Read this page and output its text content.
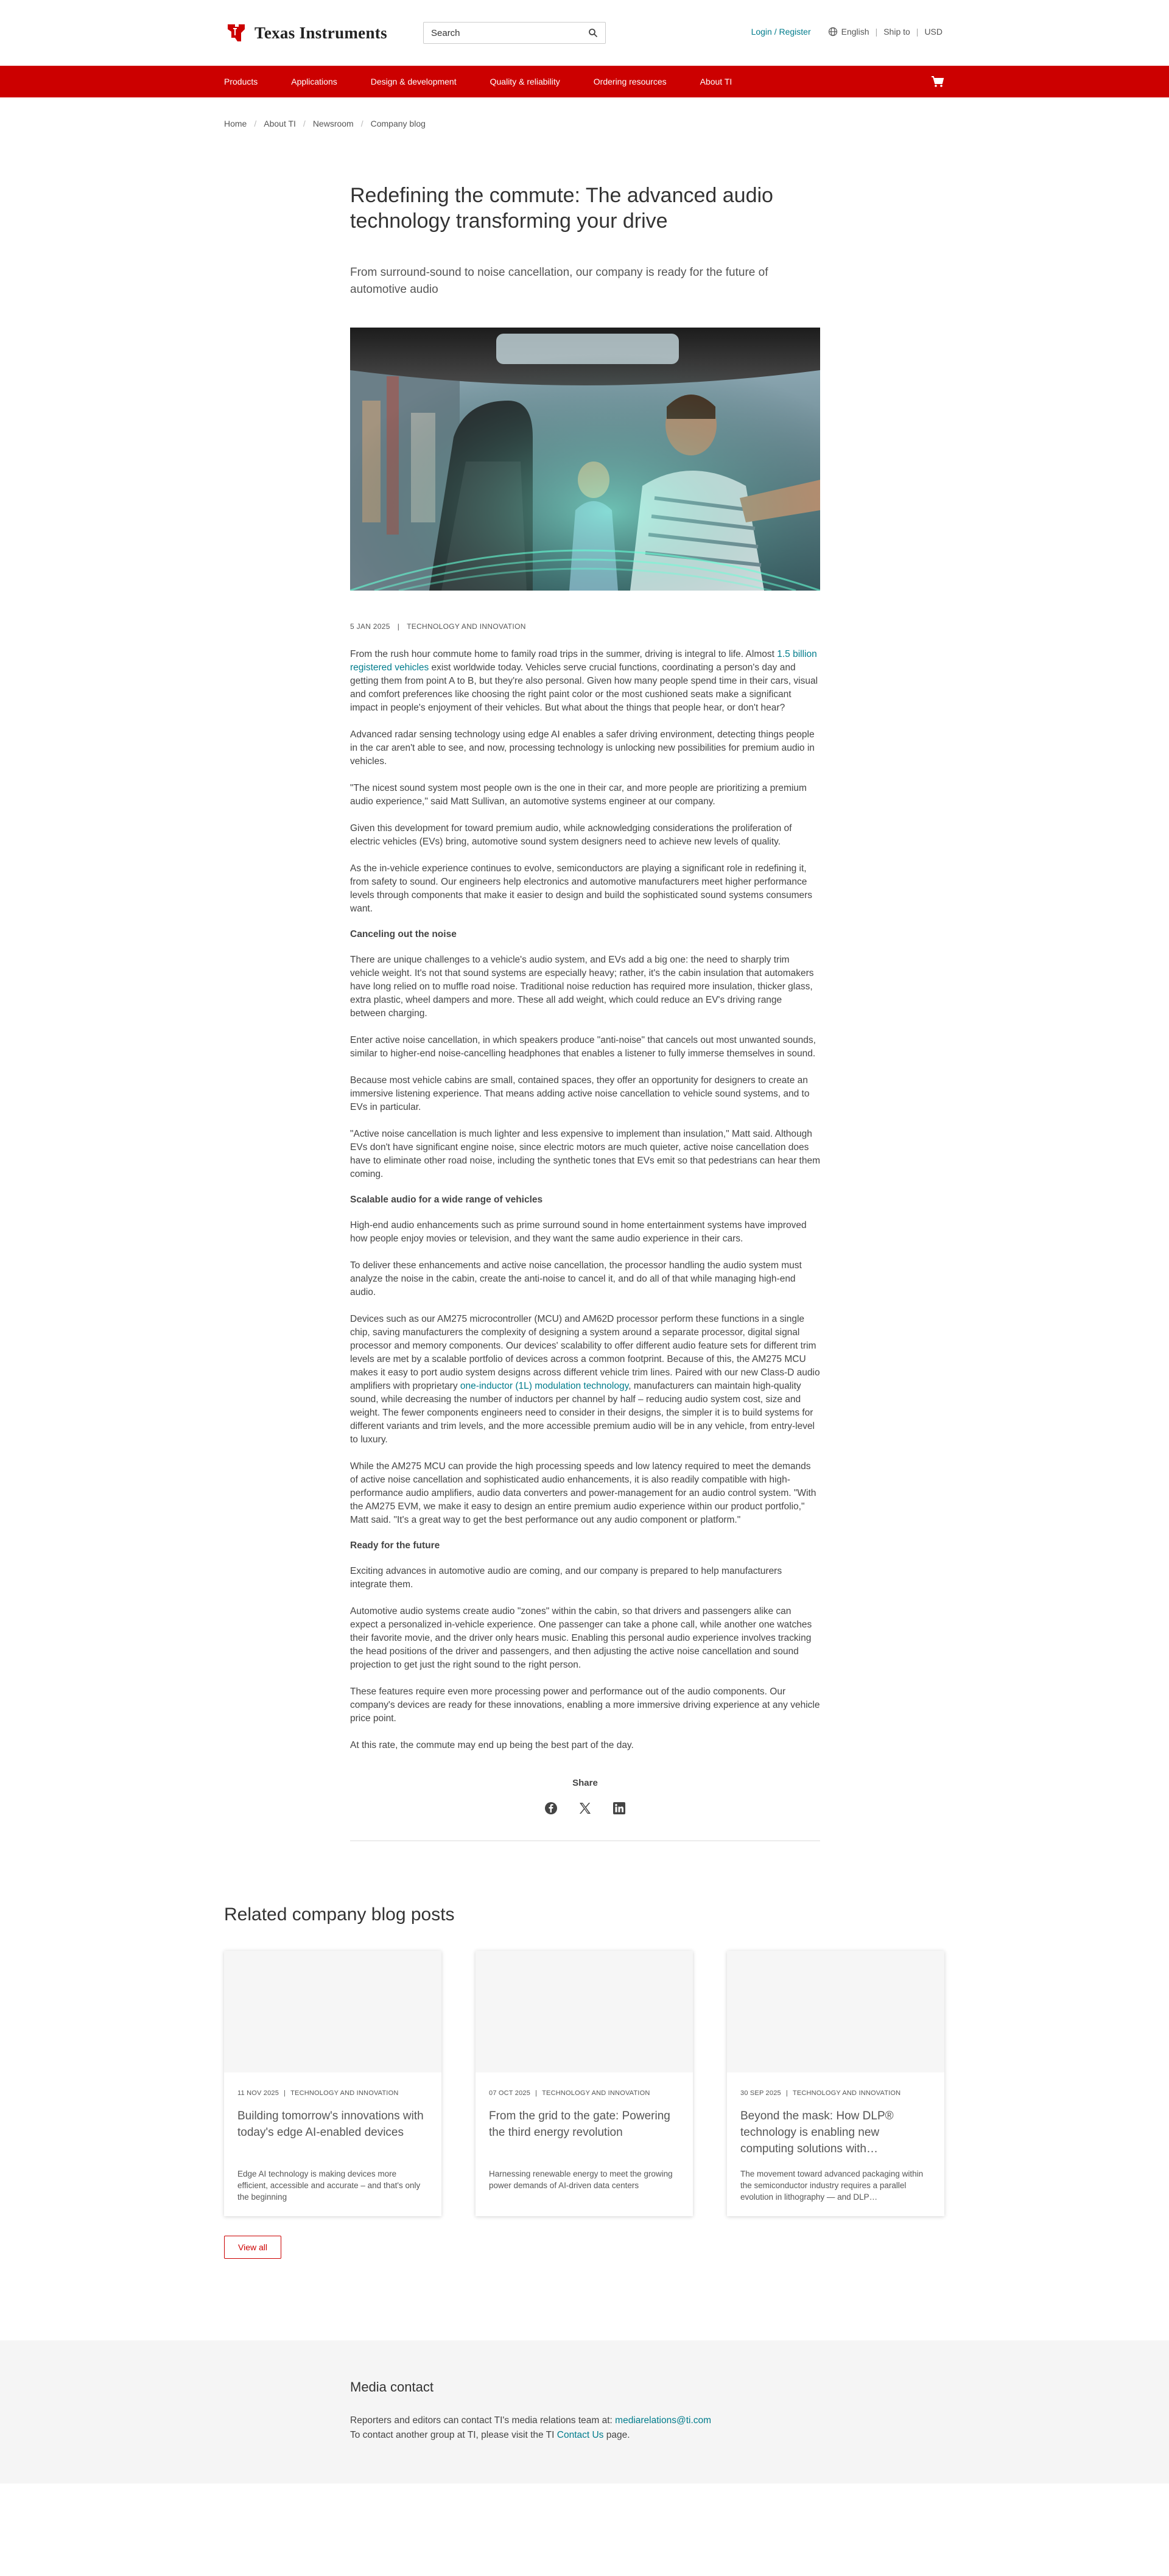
Texas Instruments
Search	Login / Register	English | Ship to | USD
Products	Applications	Design & development	Quality & reliability	Ordering resources	About TI
Home / About TI / Newsroom / Company blog
Redefining the commute: The advanced audio technology transforming your drive

From surround-sound to noise cancellation, our company is ready for the future of automotive audio

5 JAN 2025 | TECHNOLOGY AND INNOVATION

From the rush hour commute home to family road trips in the summer, driving is integral to life. Almost 1.5 billion registered vehicles exist worldwide today. Vehicles serve crucial functions, coordinating a person's day and getting them from point A to B, but they're also personal. Given how many people spend time in their cars, visual and comfort preferences like choosing the right paint color or the most cushioned seats make a significant impact in people's enjoyment of their vehicles. But what about the things that people hear, or don't hear?

Advanced radar sensing technology using edge AI enables a safer driving environment, detecting things people in the car aren't able to see, and now, processing technology is unlocking new possibilities for premium audio in vehicles.

"The nicest sound system most people own is the one in their car, and more people are prioritizing a premium audio experience," said Matt Sullivan, an automotive systems engineer at our company.

Given this development for toward premium audio, while acknowledging considerations the proliferation of electric vehicles (EVs) bring, automotive sound system designers need to achieve new levels of quality.

As the in-vehicle experience continues to evolve, semiconductors are playing a significant role in redefining it, from safety to sound. Our engineers help electronics and automotive manufacturers meet higher performance levels through components that make it easier to design and build the sophisticated sound systems consumers want.

Canceling out the noise

There are unique challenges to a vehicle's audio system, and EVs add a big one: the need to sharply trim vehicle weight. It's not that sound systems are especially heavy; rather, it's the cabin insulation that automakers have long relied on to muffle road noise. Traditional noise reduction has required more insulation, thicker glass, extra plastic, wheel dampers and more. These all add weight, which could reduce an EV's driving range between charging.

Enter active noise cancellation, in which speakers produce "anti-noise" that cancels out most unwanted sounds, similar to higher-end noise-cancelling headphones that enables a listener to fully immerse themselves in sound.

Because most vehicle cabins are small, contained spaces, they offer an opportunity for designers to create an immersive listening experience. That means adding active noise cancellation to vehicle sound systems, and to EVs in particular.

"Active noise cancellation is much lighter and less expensive to implement than insulation," Matt said. Although EVs don't have significant engine noise, since electric motors are much quieter, active noise cancellation does have to eliminate other road noise, including the synthetic tones that EVs emit so that pedestrians can hear them coming.

Scalable audio for a wide range of vehicles

High-end audio enhancements such as prime surround sound in home entertainment systems have improved how people enjoy movies or television, and they want the same audio experience in their cars.

To deliver these enhancements and active noise cancellation, the processor handling the audio system must analyze the noise in the cabin, create the anti-noise to cancel it, and do all of that while managing high-end audio.

Devices such as our AM275 microcontroller (MCU) and AM62D processor perform these functions in a single chip, saving manufacturers the complexity of designing a system around a separate processor, digital signal processor and memory components. Our devices' scalability to offer different audio feature sets for different trim levels are met by a scalable portfolio of devices across a common footprint. Because of this, the AM275 MCU makes it easy to port audio system designs across different vehicle trim lines. Paired with our new Class-D audio amplifiers with proprietary one-inductor (1L) modulation technology, manufacturers can maintain high-quality sound, while decreasing the number of inductors per channel by half – reducing audio system cost, size and weight. The fewer components engineers need to consider in their designs, the simpler it is to build systems for different variants and trim levels, and the more accessible premium audio will be in any vehicle, from entry-level to luxury.

While the AM275 MCU can provide the high processing speeds and low latency required to meet the demands of active noise cancellation and sophisticated audio enhancements, it is also readily compatible with high-performance audio amplifiers, audio data converters and power-management for an audio control system. "With the AM275 EVM, we make it easy to design an entire premium audio experience within our product portfolio," Matt said. "It's a great way to get the best performance out any audio component or platform."

Ready for the future

Exciting advances in automotive audio are coming, and our company is prepared to help manufacturers integrate them.

Automotive audio systems create audio "zones" within the cabin, so that drivers and passengers alike can expect a personalized in-vehicle experience. One passenger can take a phone call, while another one watches their favorite movie, and the driver only hears music. Enabling this personal audio experience involves tracking the head positions of the driver and passengers, and then adjusting the active noise cancellation and sound projection to get just the right sound to the right person.

These features require even more processing power and performance out of the audio components. Our company's devices are ready for these innovations, enabling a more immersive driving experience at any vehicle price point.

At this rate, the commute may end up being the best part of the day.

Share
Related company blog posts
11 NOV 2025 | TECHNOLOGY AND INNOVATION
Building tomorrow's innovations with today's edge AI-enabled devices
Edge AI technology is making devices more efficient, accessible and accurate – and that's only the beginning
07 OCT 2025 | TECHNOLOGY AND INNOVATION
From the grid to the gate: Powering the third energy revolution
Harnessing renewable energy to meet the growing power demands of AI-driven data centers
30 SEP 2025 | TECHNOLOGY AND INNOVATION
Beyond the mask: How DLP® technology is enabling new computing solutions with…
The movement toward advanced packaging within the semiconductor industry requires a parallel evolution in lithography — and DLP…
View all
Media contact

Reporters and editors can contact TI's media relations team at: mediarelations@ti.com

To contact another group at TI, please visit the TI Contact Us page.
